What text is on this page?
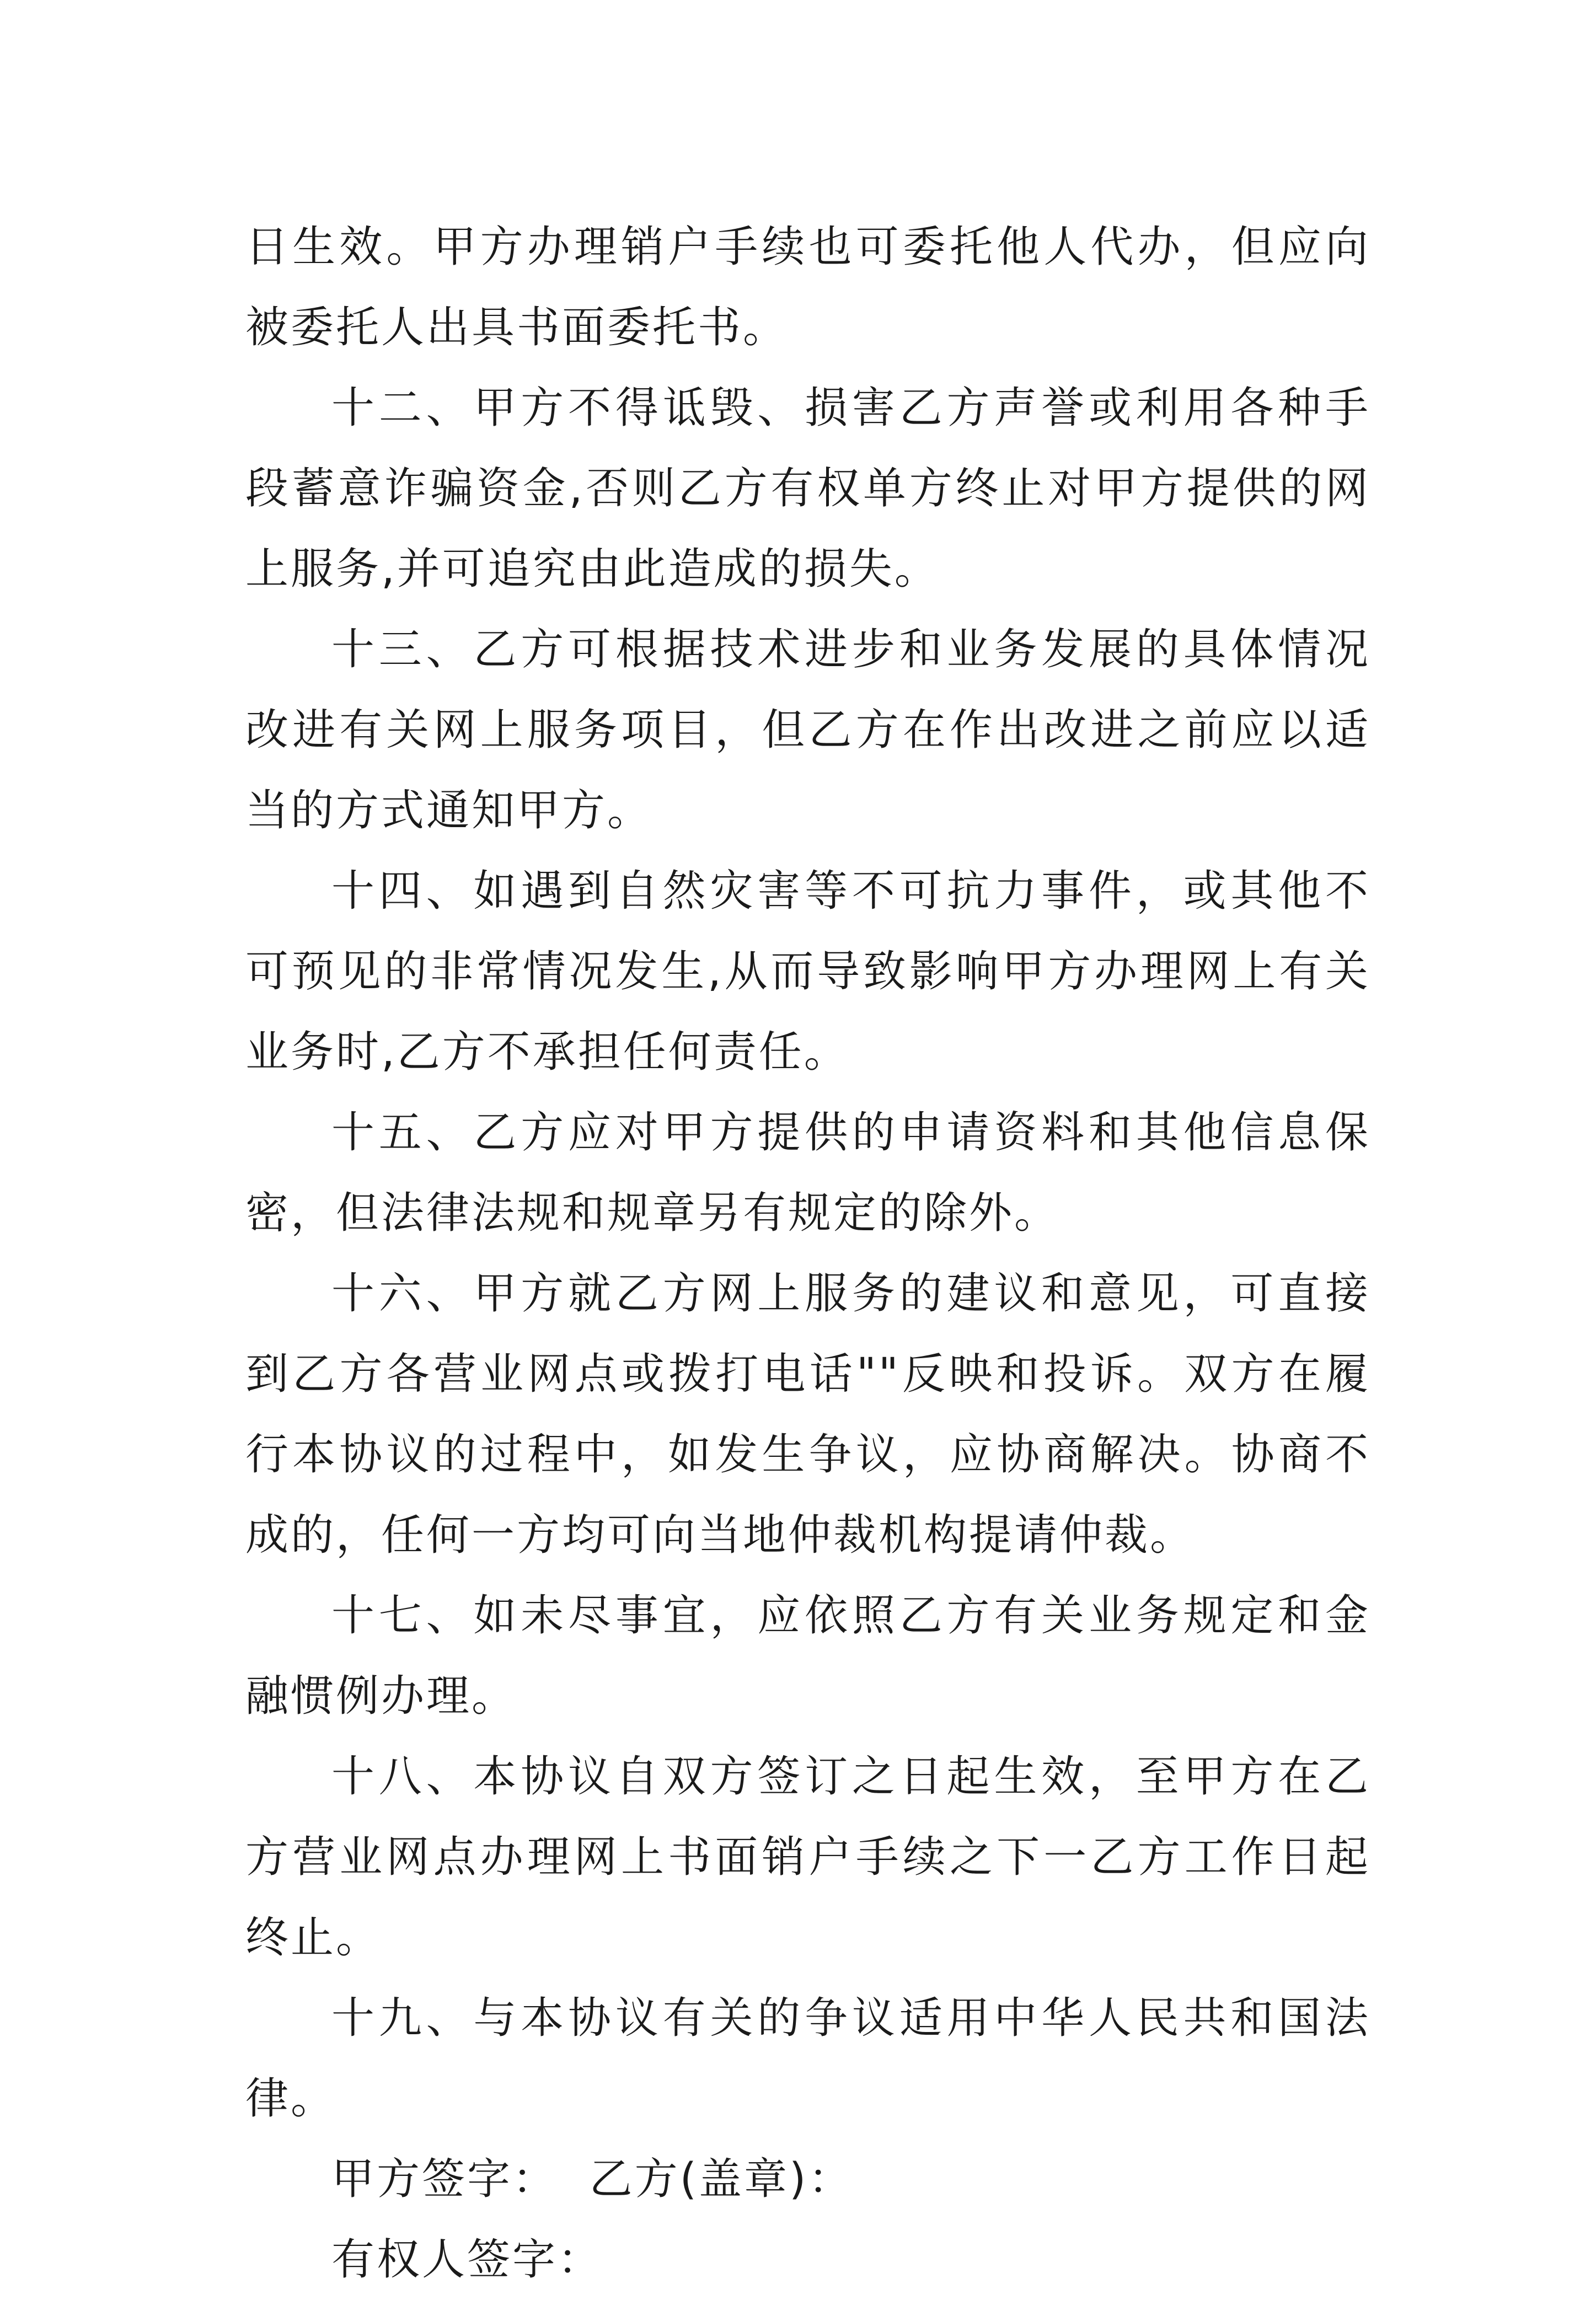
日生效。甲方办理销户手续也可委托他人代办，但应向被委托人出具书面委托书。

十二、甲方不得诋毁、损害乙方声誉或利用各种手段蓄意诈骗资金,否则乙方有权单方终止对甲方提供的网上服务,并可追究由此造成的损失。

十三、乙方可根据技术进步和业务发展的具体情况改进有关网上服务项目，但乙方在作出改进之前应以适当的方式通知甲方。

十四、如遇到自然灾害等不可抗力事件，或其他不可预见的非常情况发生,从而导致影响甲方办理网上有关业务时,乙方不承担任何责任。

十五、乙方应对甲方提供的申请资料和其他信息保密，但法律法规和规章另有规定的除外。

十六、甲方就乙方网上服务的建议和意见，可直接到乙方各营业网点或拨打电话""反映和投诉。双方在履行本协议的过程中，如发生争议，应协商解决。协商不成的，任何一方均可向当地仲裁机构提请仲裁。

十七、如未尽事宜，应依照乙方有关业务规定和金融惯例办理。

十八、本协议自双方签订之日起生效，至甲方在乙方营业网点办理网上书面销户手续之下一乙方工作日起终止。

十九、与本协议有关的争议适用中华人民共和国法律。

甲方签字： 乙方(盖章)：

有权人签字：
